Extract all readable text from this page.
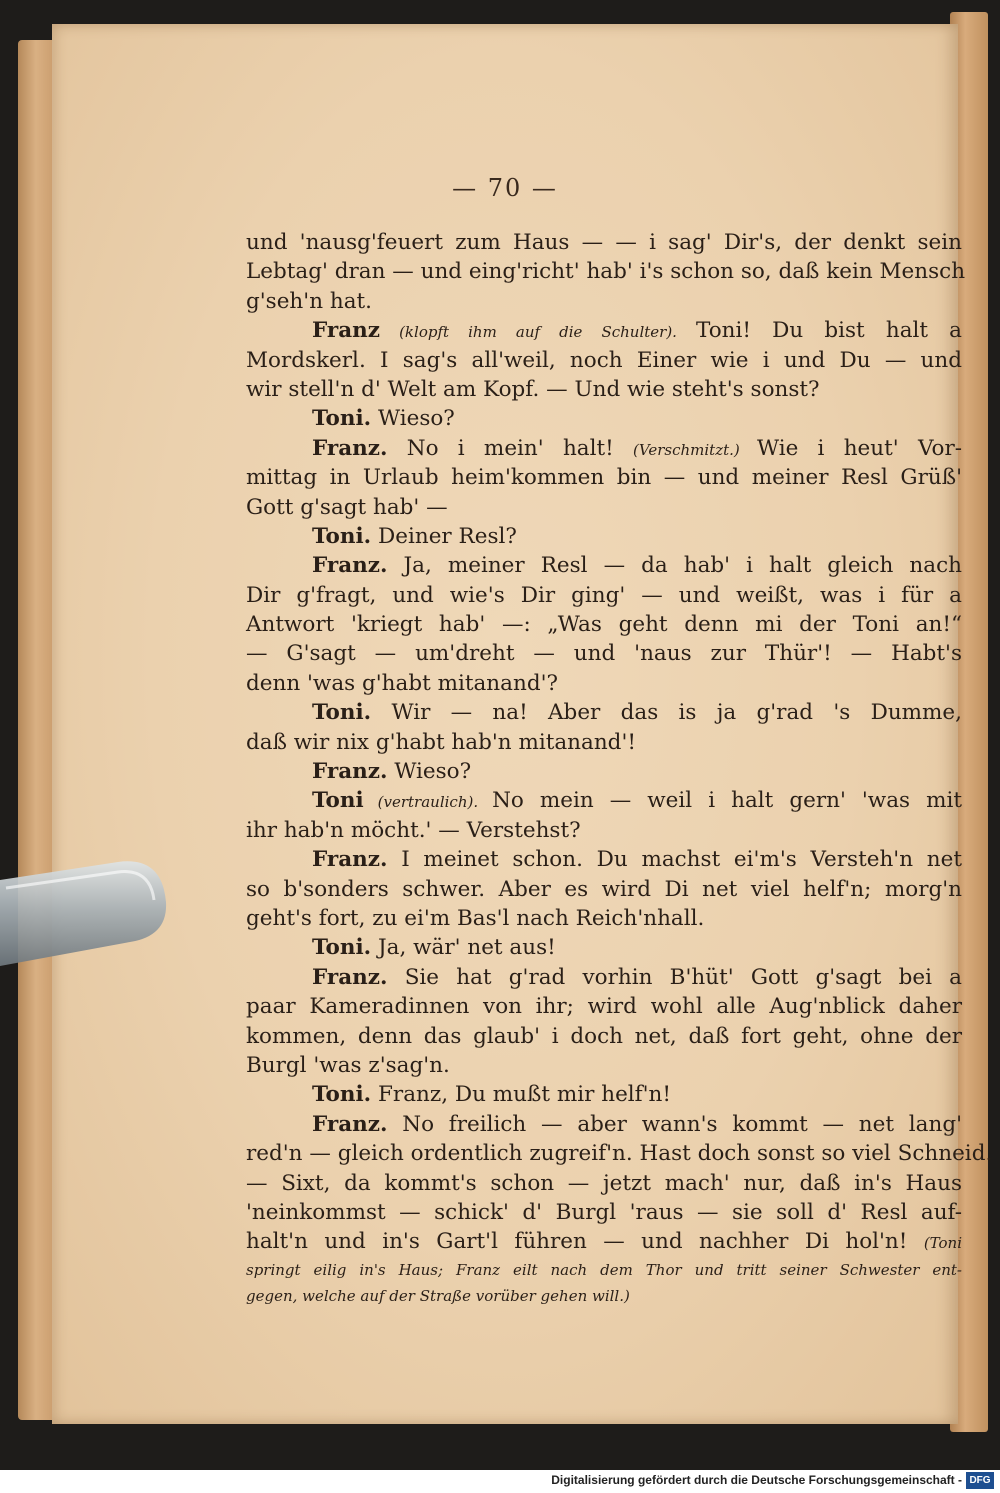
— 70 —
und 'nausg'feuert zum Haus — — i sag' Dir's, der denkt sein
Lebtag' dran — und eing'richt' hab' i's schon so, daß kein Mensch
g'seh'n hat.
Franz (klopft ihm auf die Schulter). Toni! Du bist halt a
Mordskerl. I sag's all'weil, noch Einer wie i und Du — und
wir stell'n d' Welt am Kopf. — Und wie steht's sonst?
Toni. Wieso?
Franz. No i mein' halt! (Verschmitzt.) Wie i heut' Vor-
mittag in Urlaub heim'kommen bin — und meiner Resl Grüß'
Gott g'sagt hab' —
Toni. Deiner Resl?
Franz. Ja, meiner Resl — da hab' i halt gleich nach
Dir g'fragt, und wie's Dir ging' — und weißt, was i für a
Antwort 'kriegt hab' —: „Was geht denn mi der Toni an!“
— G'sagt — um'dreht — und 'naus zur Thür'! — Habt's
denn 'was g'habt mitanand'?
Toni. Wir — na! Aber das is ja g'rad 's Dumme,
daß wir nix g'habt hab'n mitanand'!
Franz. Wieso?
Toni (vertraulich). No mein — weil i halt gern' 'was mit
ihr hab'n möcht.' — Verstehst?
Franz. I meinet schon. Du machst ei'm's Versteh'n net
so b'sonders schwer. Aber es wird Di net viel helf'n; morg'n
geht's fort, zu ei'm Bas'l nach Reich'nhall.
Toni. Ja, wär' net aus!
Franz. Sie hat g'rad vorhin B'hüt' Gott g'sagt bei a
paar Kameradinnen von ihr; wird wohl alle Aug'nblick daher
kommen, denn das glaub' i doch net, daß fort geht, ohne der
Burgl 'was z'sag'n.
Toni. Franz, Du mußt mir helf'n!
Franz. No freilich — aber wann's kommt — net lang'
red'n — gleich ordentlich zugreif'n. Hast doch sonst so viel Schneid.
— Sixt, da kommt's schon — jetzt mach' nur, daß in's Haus
'neinkommst — schick' d' Burgl 'raus — sie soll d' Resl auf-
halt'n und in's Gart'l führen — und nachher Di hol'n! (Toni
springt eilig in's Haus; Franz eilt nach dem Thor und tritt seiner Schwester ent-
gegen, welche auf der Straße vorüber gehen will.)
Digitalisierung gefördert durch die Deutsche Forschungsgemeinschaft - DFG
